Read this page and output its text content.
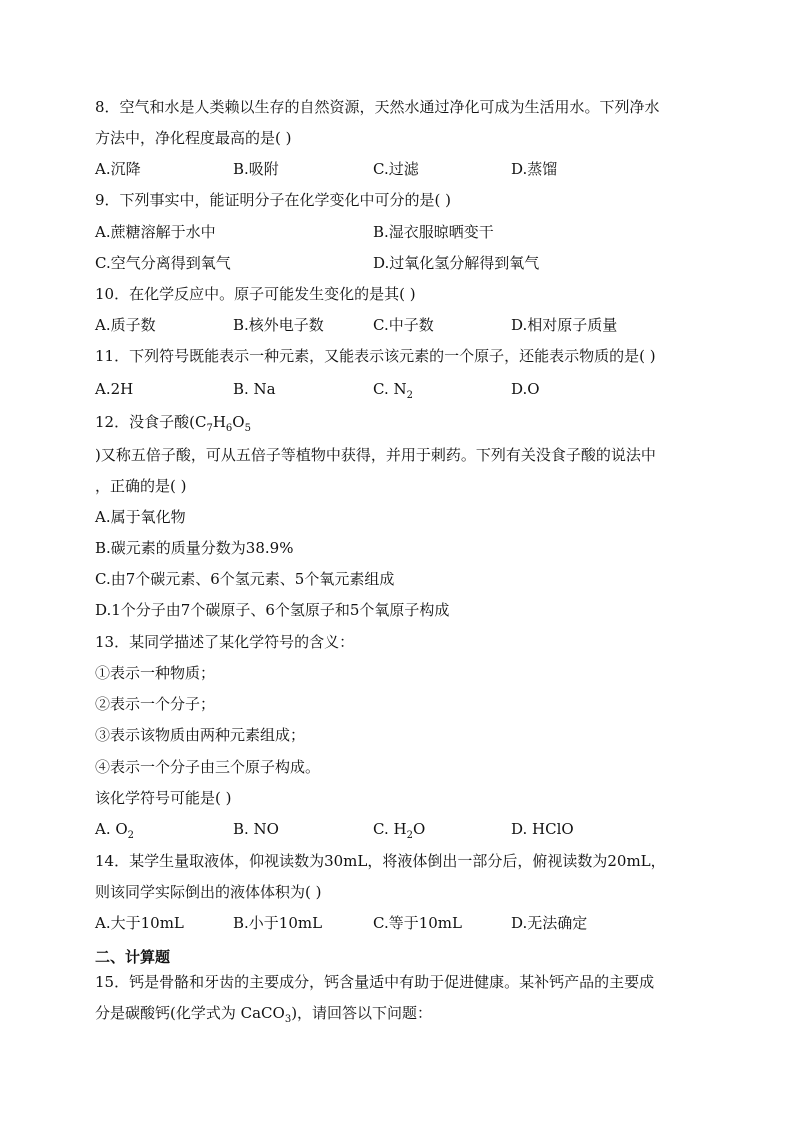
8．空气和水是人类赖以生存的自然资源，天然水通过净化可成为生活用水。下列净水
方法中，净化程度最高的是( )
A.沉降	B.吸附	C.过滤	D.蒸馏
9．下列事实中，能证明分子在化学变化中可分的是( )
A.蔗糖溶解于水中	B.湿衣服晾晒变干
C.空气分离得到氧气	D.过氧化氢分解得到氧气
10．在化学反应中。原子可能发生变化的是其( )
A.质子数	B.核外电子数	C.中子数	D.相对原子质量
11．下列符号既能表示一种元素，又能表示该元素的一个原子，还能表示物质的是( )
A.2H	B. Na	C. $N_2$	D.O
12．没食子酸($C_7H_6O_5$
)又称五倍子酸，可从五倍子等植物中获得，并用于刺药。下列有关没食子酸的说法中
，正确的是( )
A.属于氧化物
B.碳元素的质量分数为38.9%
C.由7个碳元素、6个氢元素、5个氧元素组成
D.1个分子由7个碳原子、6个氢原子和5个氧原子构成
13．某同学描述了某化学符号的含义：
①表示一种物质；
②表示一个分子；
③表示该物质由两种元素组成；
④表示一个分子由三个原子构成。
该化学符号可能是( )
A. $O_2$	B. NO	C. $H_2O$	D. HClO
14．某学生量取液体，仰视读数为30mL，将液体倒出一部分后，俯视读数为20mL，
则该同学实际倒出的液体体积为( )
A.大于10mL	B.小于10mL	C.等于10mL	D.无法确定
二、计算题
15．钙是骨骼和牙齿的主要成分，钙含量适中有助于促进健康。某补钙产品的主要成
分是碳酸钙(化学式为 CaCO$_3$)，请回答以下问题：
